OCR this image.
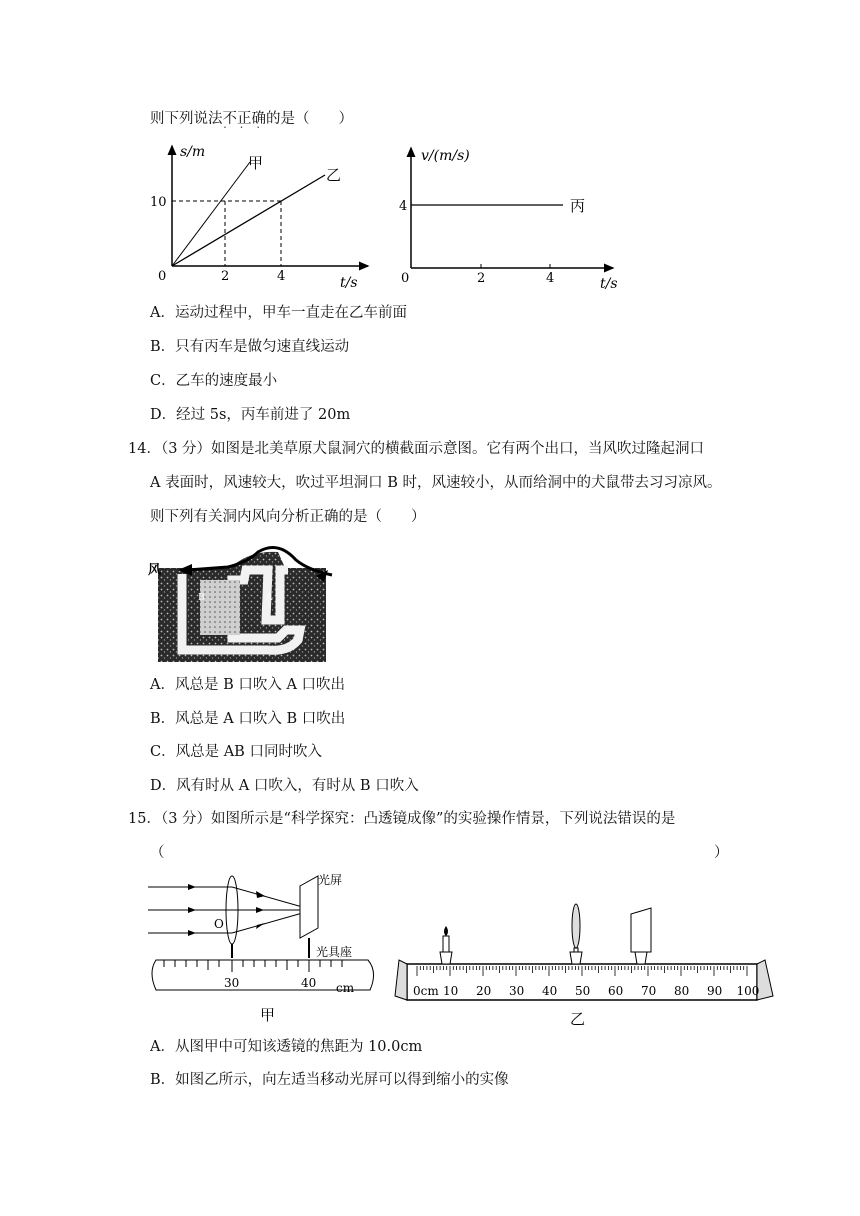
则下列说法不正确 • • •的是（　　）
s/m
甲
乙
10
0	2	4	t/s
v/(m/s)
4	丙
0	2	4	t/s
A．运动过程中，甲车一直走在乙车前面
B．只有丙车是做匀速直线运动
C．乙车的速度最小
D．经过 5s，丙车前进了 20m
14．（3 分）如图是北美草原犬鼠洞穴的横截面示意图。它有两个出口，当风吹过隆起洞口
A 表面时，风速较大，吹过平坦洞口 B 时，风速较小，从而给洞中的犬鼠带去习习凉风。
则下列有关洞内风向分析正确的是（　　）
风
A
B
A．风总是 B 口吹入 A 口吹出
B．风总是 A 口吹入 B 口吹出
C．风总是 AB 口同时吹入
D．风有时从 A 口吹入，有时从 B 口吹入
15．（3 分）如图所示是“科学探究：凸透镜成像”的实验操作情景，下列说法错误的是
（	）
O
光屏
光具座
30	40 cm
甲
0cm 10 20 30 40 50 60 70 80 90 100
乙
A．从图甲中可知该透镜的焦距为 10.0cm
B．如图乙所示，向左适当移动光屏可以得到缩小的实像
